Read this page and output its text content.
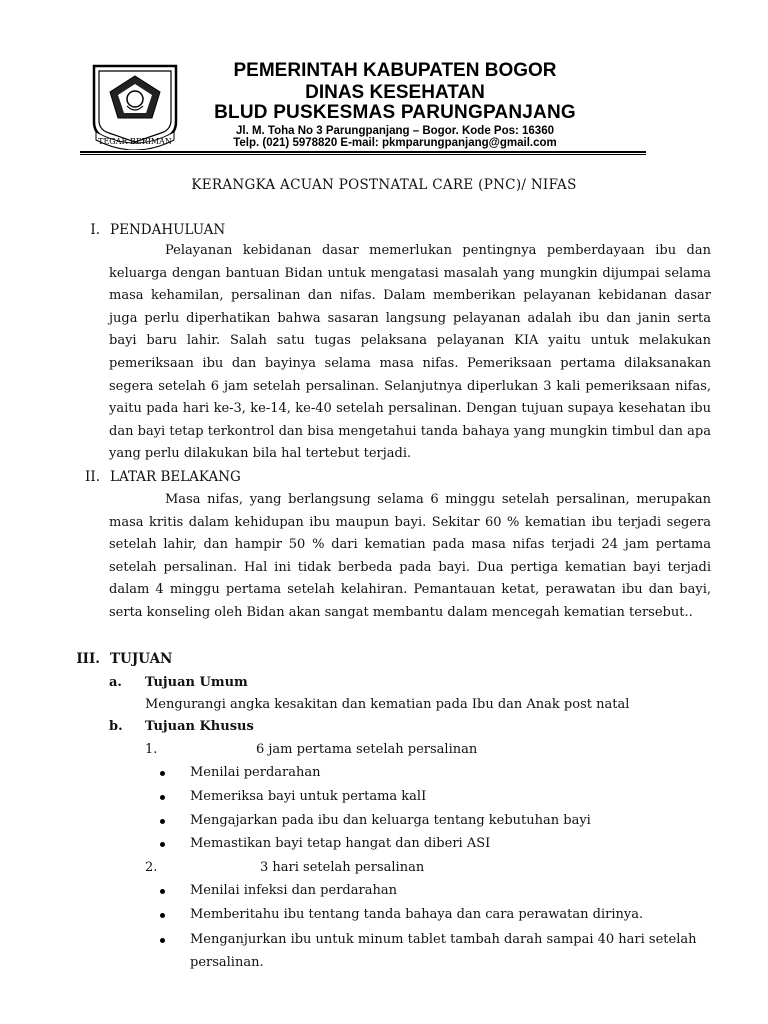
TEGAR BERIMAN
PEMERINTAH KABUPATEN BOGOR
DINAS KESEHATAN
BLUD PUSKESMAS PARUNGPANJANG
Jl. M. Toha No 3 Parungpanjang – Bogor. Kode Pos: 16360
Telp. (021) 5978820 E-mail: pkmparungpanjang@gmail.com
KERANGKA ACUAN POSTNATAL CARE (PNC)/ NIFAS
I. PENDAHULUAN
Pelayanan kebidanan dasar memerlukan pentingnya pemberdayaan ibu dan keluarga dengan bantuan Bidan untuk mengatasi masalah yang mungkin dijumpai selama masa kehamilan, persalinan dan nifas. Dalam memberikan pelayanan kebidanan dasar juga perlu diperhatikan bahwa sasaran langsung pelayanan adalah ibu dan janin serta bayi baru lahir. Salah satu tugas pelaksana pelayanan KIA yaitu untuk melakukan pemeriksaan ibu dan bayinya selama masa nifas. Pemeriksaan pertama dilaksanakan segera setelah 6 jam setelah persalinan. Selanjutnya diperlukan 3 kali pemeriksaan nifas, yaitu pada hari ke-3, ke-14, ke-40 setelah persalinan. Dengan tujuan supaya kesehatan ibu dan bayi tetap terkontrol dan bisa mengetahui tanda bahaya yang mungkin timbul dan apa yang perlu dilakukan bila hal tertebut terjadi.
II. LATAR BELAKANG
Masa nifas, yang berlangsung selama 6 minggu setelah persalinan, merupakan masa kritis dalam kehidupan ibu maupun bayi. Sekitar 60 % kematian ibu terjadi segera setelah lahir, dan hampir 50 % dari kematian pada masa nifas terjadi 24 jam pertama setelah persalinan. Hal ini tidak berbeda pada bayi. Dua pertiga kematian bayi terjadi dalam 4 minggu pertama setelah kelahiran. Pemantauan ketat, perawatan ibu dan bayi, serta konseling oleh Bidan akan sangat membantu dalam mencegah kematian tersebut..
III. TUJUAN
a. Tujuan Umum
Mengurangi angka kesakitan dan kematian pada Ibu dan Anak post natal
b. Tujuan Khusus
1.	6 jam pertama setelah persalinan
Menilai perdarahan
Memeriksa bayi untuk pertama kalI
Mengajarkan pada ibu dan keluarga tentang kebutuhan bayi
Memastikan bayi tetap hangat dan diberi ASI
2.	3 hari setelah persalinan
Menilai infeksi dan perdarahan
Memberitahu ibu tentang tanda bahaya dan cara perawatan dirinya.
Menganjurkan ibu untuk minum tablet tambah darah sampai 40 hari setelah
persalinan.
